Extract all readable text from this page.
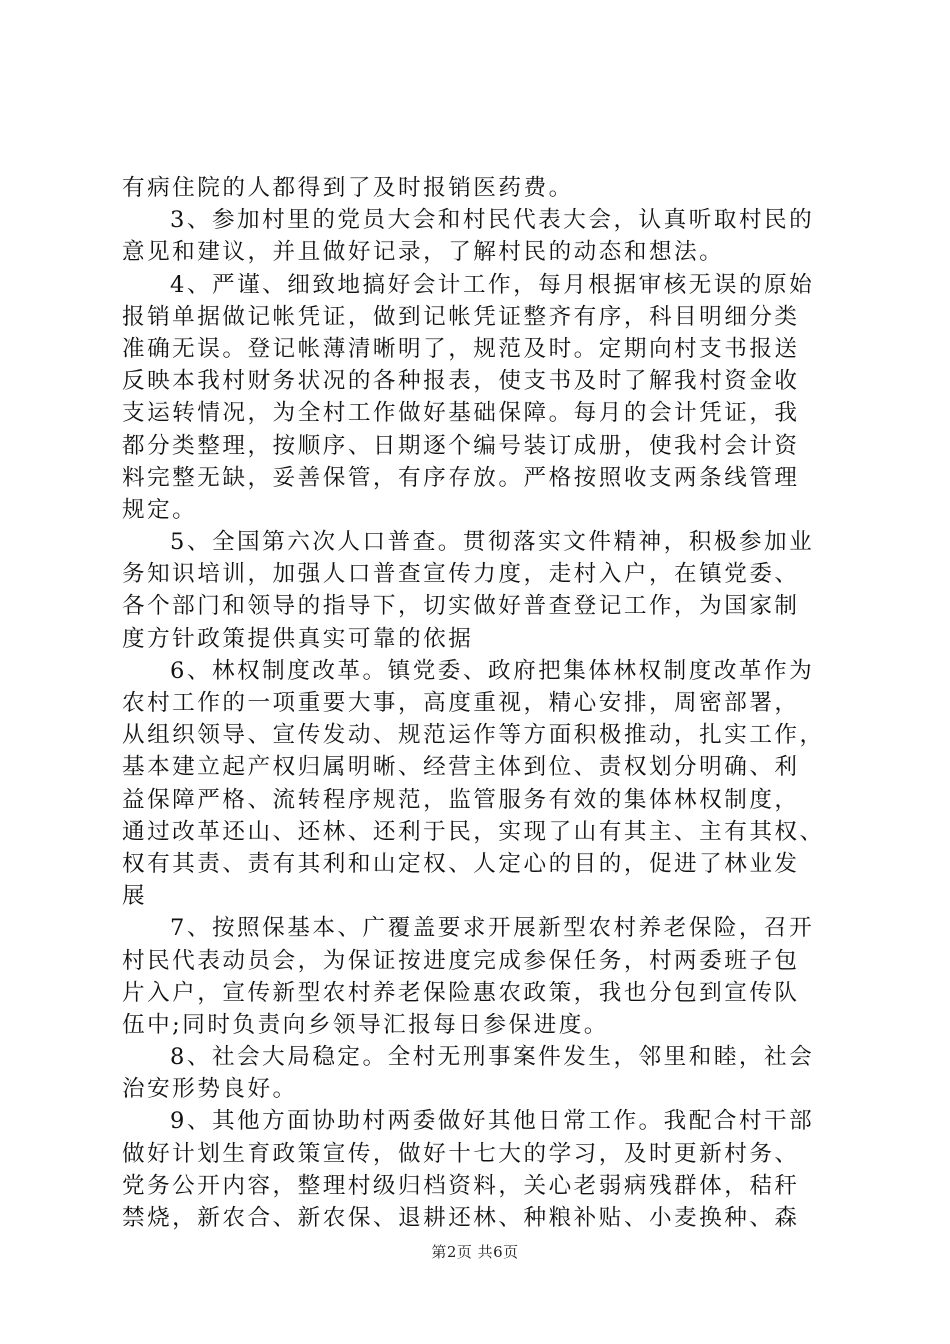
有病住院的人都得到了及时报销医药费。
3、参加村里的党员大会和村民代表大会，认真听取村民的
意见和建议，并且做好记录，了解村民的动态和想法。
4、严谨、细致地搞好会计工作，每月根据审核无误的原始
报销单据做记帐凭证，做到记帐凭证整齐有序，科目明细分类
准确无误。登记帐薄清晰明了，规范及时。定期向村支书报送
反映本我村财务状况的各种报表，使支书及时了解我村资金收
支运转情况，为全村工作做好基础保障。每月的会计凭证，我
都分类整理，按顺序、日期逐个编号装订成册，使我村会计资
料完整无缺，妥善保管，有序存放。严格按照收支两条线管理
规定。
5、全国第六次人口普查。贯彻落实文件精神，积极参加业
务知识培训，加强人口普查宣传力度，走村入户，在镇党委、
各个部门和领导的指导下，切实做好普查登记工作，为国家制
度方针政策提供真实可靠的依据
6、林权制度改革。镇党委、政府把集体林权制度改革作为
农村工作的一项重要大事，高度重视，精心安排，周密部署，
从组织领导、宣传发动、规范运作等方面积极推动，扎实工作，
基本建立起产权归属明晰、经营主体到位、责权划分明确、利
益保障严格、流转程序规范，监管服务有效的集体林权制度，
通过改革还山、还林、还利于民，实现了山有其主、主有其权、
权有其责、责有其利和山定权、人定心的目的，促进了林业发
展
7、按照保基本、广覆盖要求开展新型农村养老保险，召开
村民代表动员会，为保证按进度完成参保任务，村两委班子包
片入户，宣传新型农村养老保险惠农政策，我也分包到宣传队
伍中;同时负责向乡领导汇报每日参保进度。
8、社会大局稳定。全村无刑事案件发生，邻里和睦，社会
治安形势良好。
9、其他方面协助村两委做好其他日常工作。我配合村干部
做好计划生育政策宣传，做好十七大的学习，及时更新村务、
党务公开内容，整理村级归档资料，关心老弱病残群体，秸秆
禁烧，新农合、新农保、退耕还林、种粮补贴、小麦换种、森
第2页 共6页
